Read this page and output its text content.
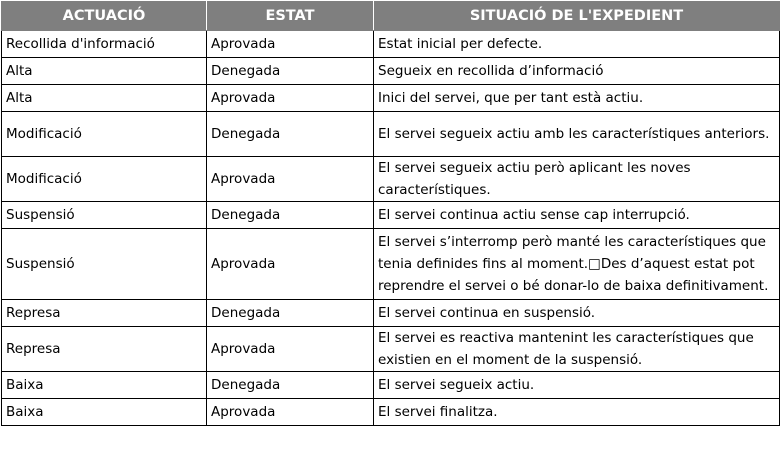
ACTUACIÓ	ESTAT	SITUACIÓ DE L'EXPEDIENT
Recollida d'informació	Aprovada	Estat inicial per defecte.
Alta	Denegada	Segueix en recollida d’informació
Alta	Aprovada	Inici del servei, que per tant està actiu.
Modificació	Denegada	El servei segueix actiu amb les característiques anteriors.
Modificació	Aprovada	El servei segueix actiu però aplicant les noves característiques.
Suspensió	Denegada	El servei continua actiu sense cap interrupció.
Suspensió	Aprovada	El servei s’interromp però manté les característiques que tenia definides fins al moment.□Des d’aquest estat pot reprendre el servei o bé donar-lo de baixa definitivament.
Represa	Denegada	El servei continua en suspensió.
Represa	Aprovada	El servei es reactiva mantenint les característiques que existien en el moment de la suspensió.
Baixa	Denegada	El servei segueix actiu.
Baixa	Aprovada	El servei finalitza.
